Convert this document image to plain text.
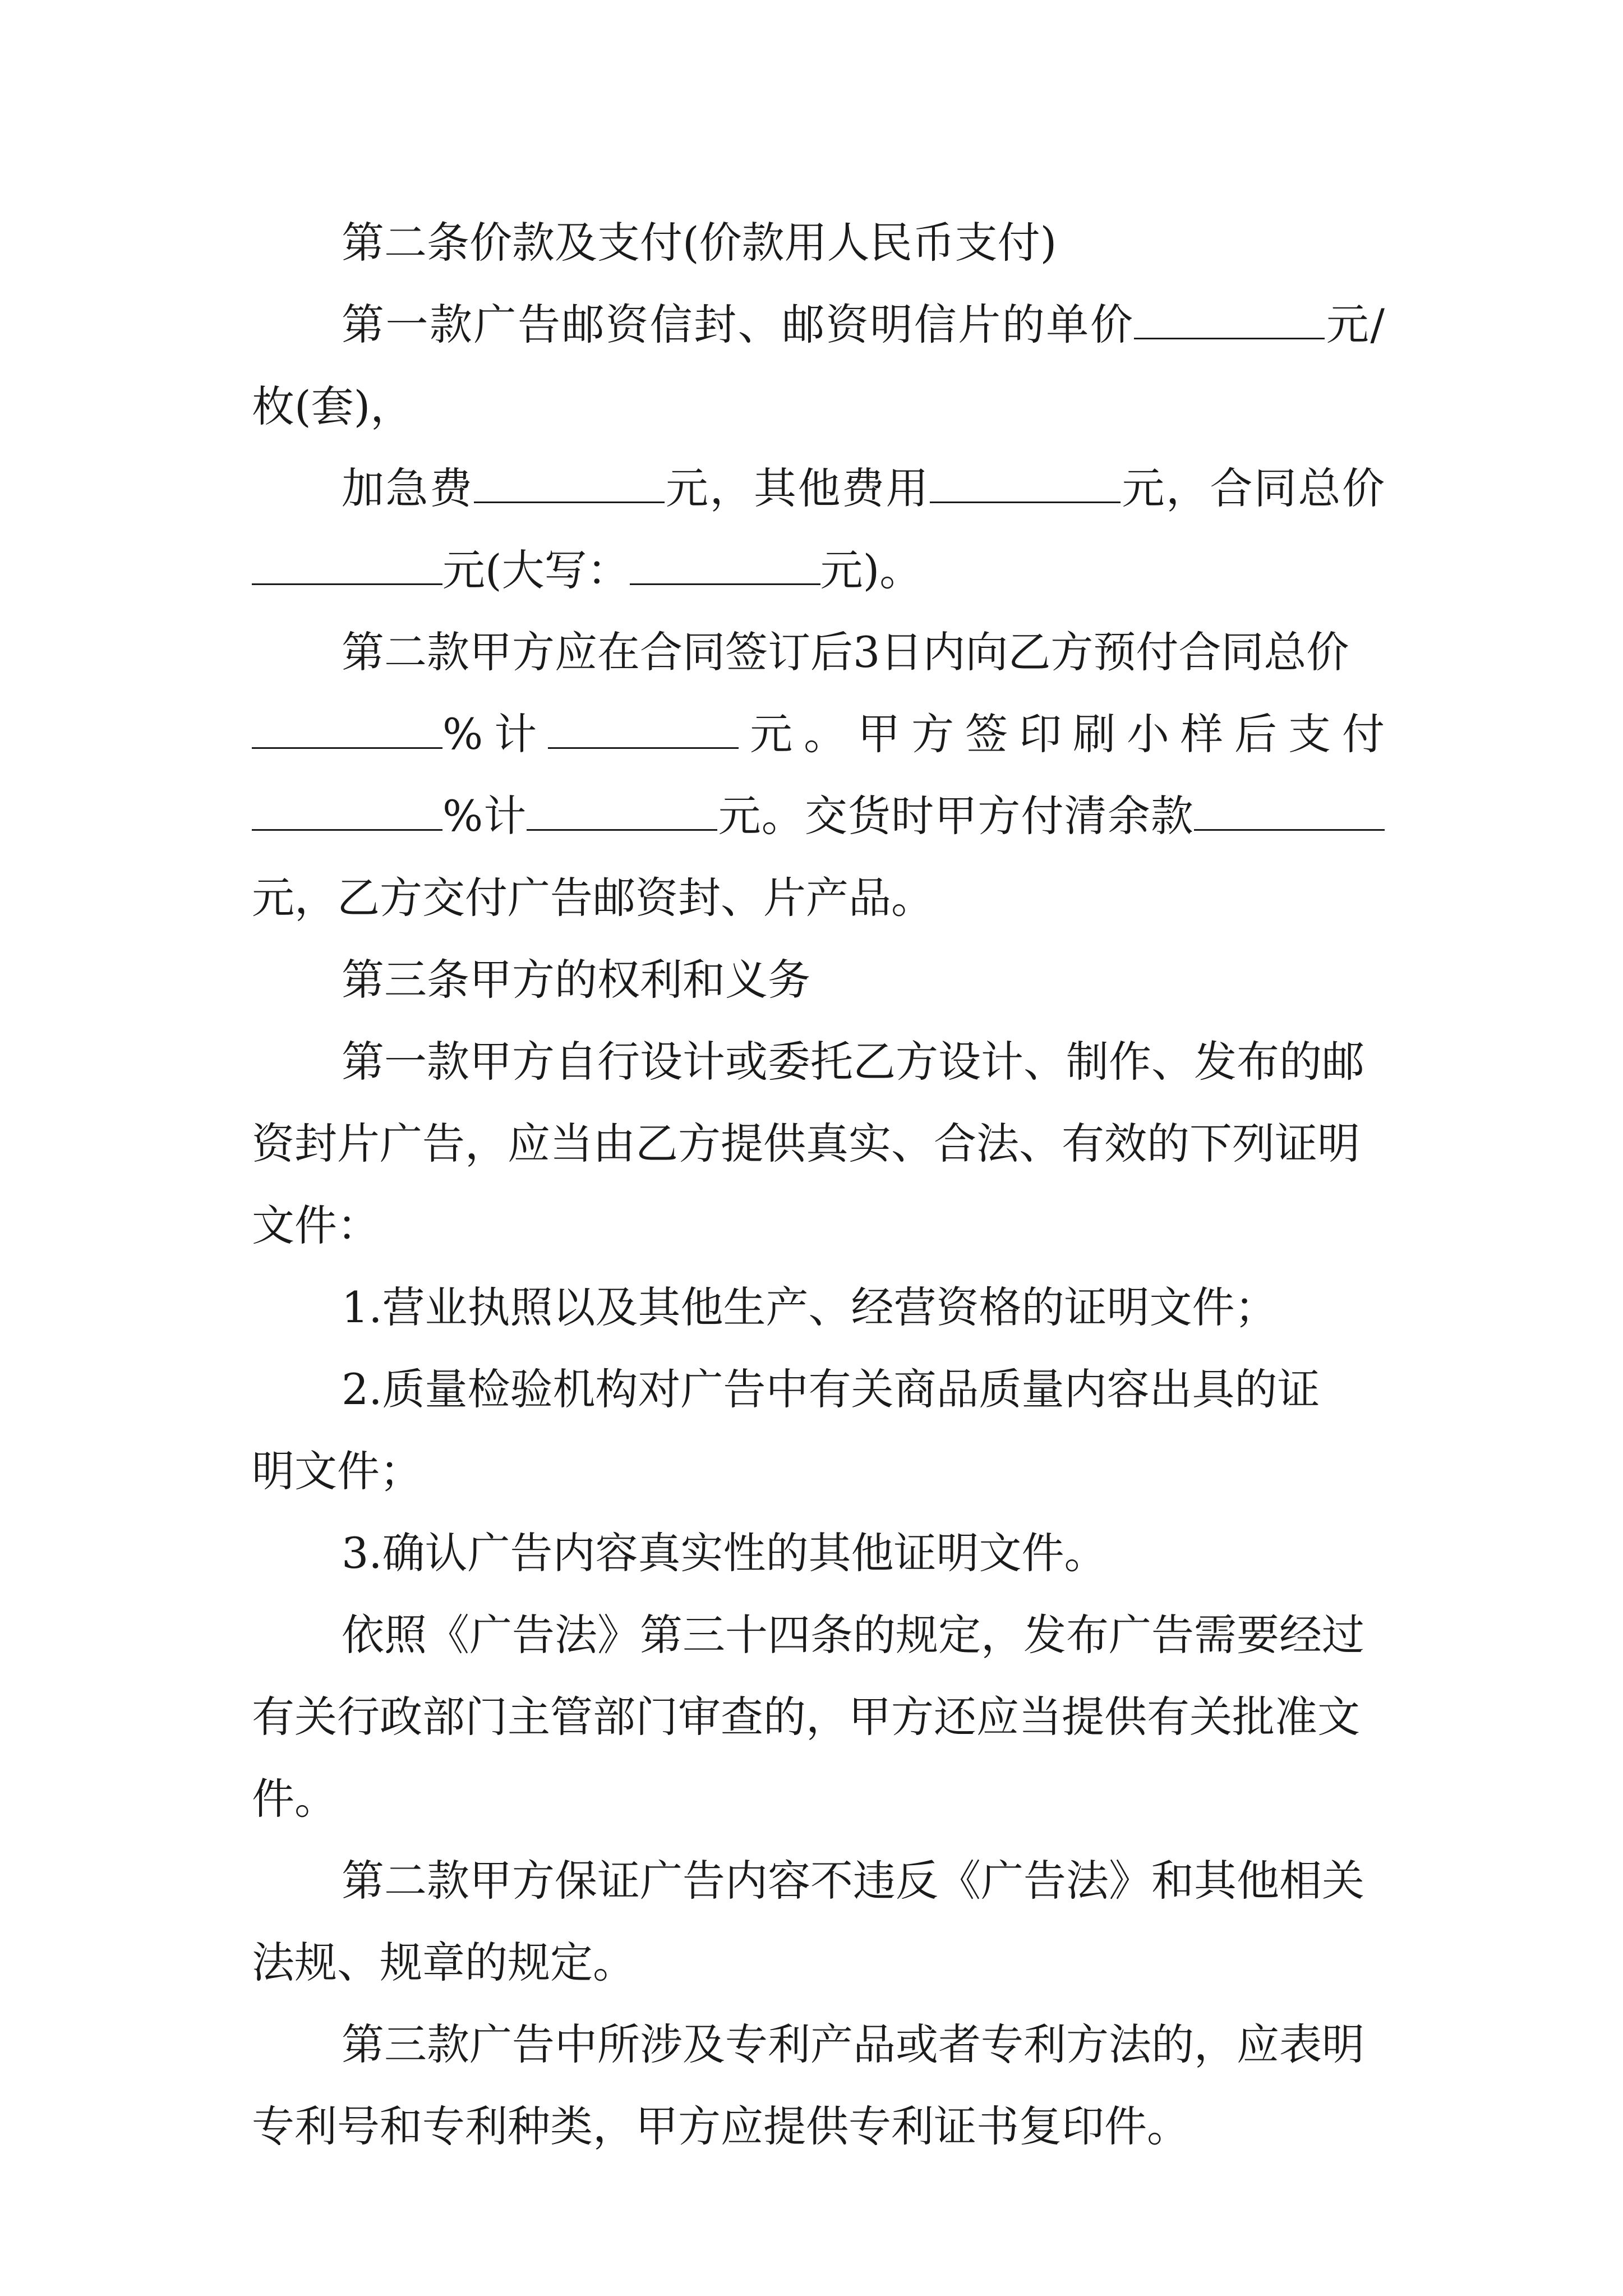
第二条价款及支付(价款用人民币支付)
第一款广告邮资信封、邮资明信片的单价	元/
枚(套)，
加急费	元，其他费用	元，合同总价
元(大写：	元)。
第二款甲方应在合同签订后3日内向乙方预付合同总价
%计	元。甲方签印刷小样后支付
%计	元。交货时甲方付清余款
元，乙方交付广告邮资封、片产品。
第三条甲方的权利和义务
第一款甲方自行设计或委托乙方设计、制作、发布的邮
资封片广告，应当由乙方提供真实、合法、有效的下列证明
文件：
1.营业执照以及其他生产、经营资格的证明文件；
2.质量检验机构对广告中有关商品质量内容出具的证
明文件；
3.确认广告内容真实性的其他证明文件。
依照《广告法》第三十四条的规定，发布广告需要经过
有关行政部门主管部门审查的，甲方还应当提供有关批准文
件。
第二款甲方保证广告内容不违反《广告法》和其他相关
法规、规章的规定。
第三款广告中所涉及专利产品或者专利方法的，应表明
专利号和专利种类，甲方应提供专利证书复印件。
